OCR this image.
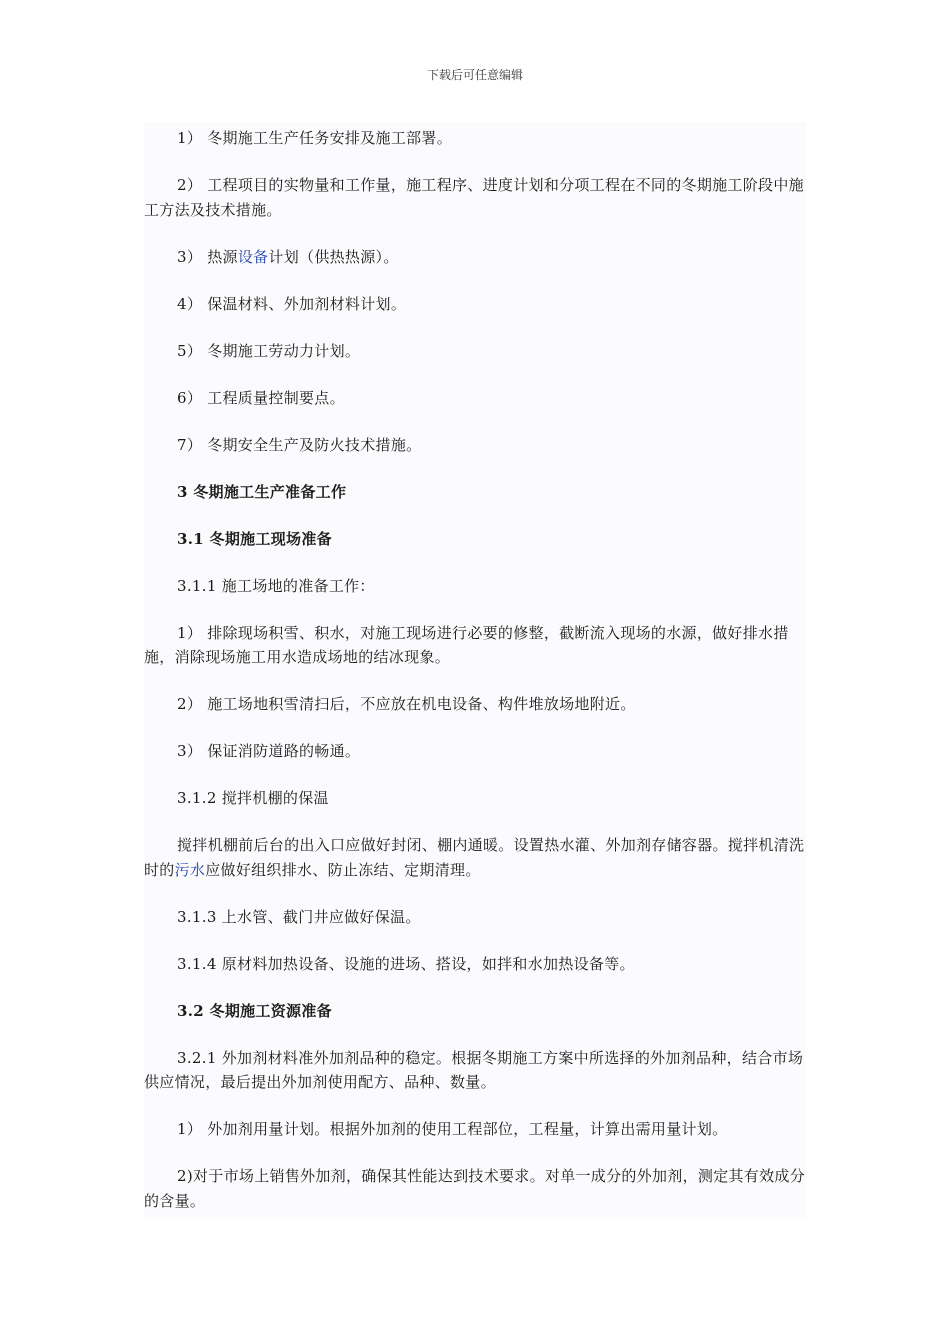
下载后可任意编辑

1） 冬期施工生产任务安排及施工部署。

2） 工程项目的实物量和工作量，施工程序、进度计划和分项工程在不同的冬期施工阶段中施工方法及技术措施。

3） 热源设备计划（供热热源）。

4） 保温材料、外加剂材料计划。

5） 冬期施工劳动力计划。

6） 工程质量控制要点。

7） 冬期安全生产及防火技术措施。

3 冬期施工生产准备工作

3.1 冬期施工现场准备

3.1.1 施工场地的准备工作：

1） 排除现场积雪、积水，对施工现场进行必要的修整，截断流入现场的水源，做好排水措施，消除现场施工用水造成场地的结冰现象。

2） 施工场地积雪清扫后，不应放在机电设备、构件堆放场地附近。

3） 保证消防道路的畅通。

3.1.2 搅拌机棚的保温

搅拌机棚前后台的出入口应做好封闭、棚内通暖。设置热水灌、外加剂存储容器。搅拌机清洗时的污水应做好组织排水、防止冻结、定期清理。

3.1.3 上水管、截门井应做好保温。

3.1.4 原材料加热设备、设施的进场、搭设，如拌和水加热设备等。

3.2 冬期施工资源准备

3.2.1 外加剂材料准外加剂品种的稳定。根据冬期施工方案中所选择的外加剂品种，结合市场供应情况，最后提出外加剂使用配方、品种、数量。

1） 外加剂用量计划。根据外加剂的使用工程部位，工程量，计算出需用量计划。

2)对于市场上销售外加剂，确保其性能达到技术要求。对单一成分的外加剂，测定其有效成分的含量。
